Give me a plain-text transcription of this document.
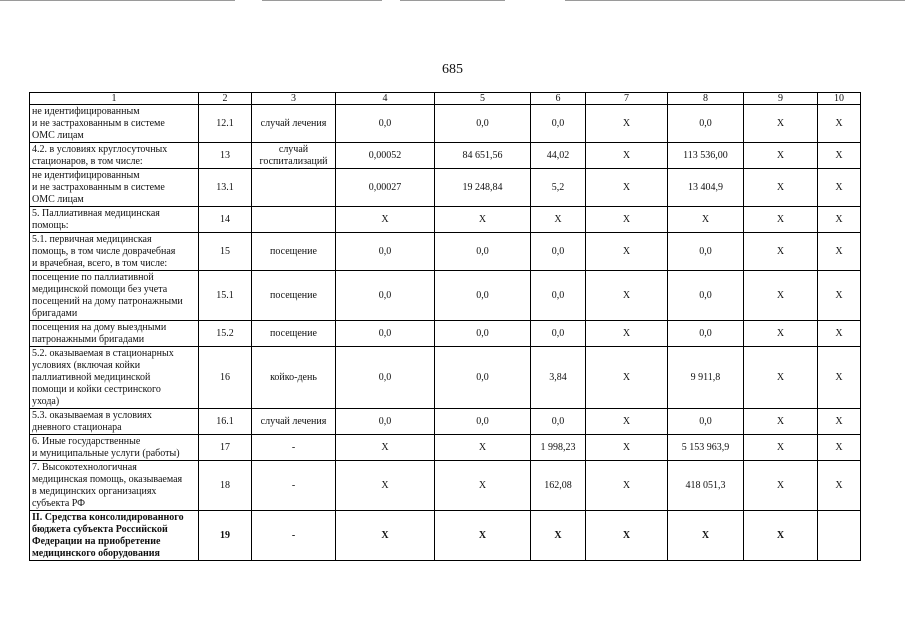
685
1	2	3	4	5	6	7	8	9	10
не идентифицированным
и не застрахованным в системе
ОМС лицам	12.1	случай лечения	0,0	0,0	0,0	Х	0,0	Х	Х
4.2. в условиях круглосуточных
стационаров, в том числе:	13	случай
госпитализаций	0,00052	84 651,56	44,02	Х	113 536,00	Х	Х
не идентифицированным
и не застрахованным в системе
ОМС лицам	13.1		0,00027	19 248,84	5,2	Х	13 404,9	Х	Х
5. Паллиативная медицинская
помощь:	14		Х	Х	Х	Х	Х	Х	Х
5.1. первичная медицинская
помощь, в том числе доврачебная
и врачебная, всего, в том числе:	15	посещение	0,0	0,0	0,0	Х	0,0	Х	Х
посещение по паллиативной
медицинской помощи без учета
посещений на дому патронажными
бригадами	15.1	посещение	0,0	0,0	0,0	Х	0,0	Х	Х
посещения на дому выездными
патронажными бригадами	15.2	посещение	0,0	0,0	0,0	Х	0,0	Х	Х
5.2. оказываемая в стационарных
условиях (включая койки
паллиативной медицинской
помощи и койки сестринского
ухода)	16	койко-день	0,0	0,0	3,84	Х	9 911,8	Х	Х
5.3. оказываемая в условиях
дневного стационара	16.1	случай лечения	0,0	0,0	0,0	Х	0,0	Х	Х
6. Иные государственные
и муниципальные услуги (работы)	17	-	Х	Х	1 998,23	Х	5 153 963,9	Х	Х
7. Высокотехнологичная
медицинская помощь, оказываемая
в медицинских организациях
субъекта РФ	18	-	Х	Х	162,08	Х	418 051,3	Х	Х
II. Средства консолидированного
бюджета субъекта Российской
Федерации на приобретение
медицинского оборудования	19	-	Х	Х	Х	Х	Х	Х	
